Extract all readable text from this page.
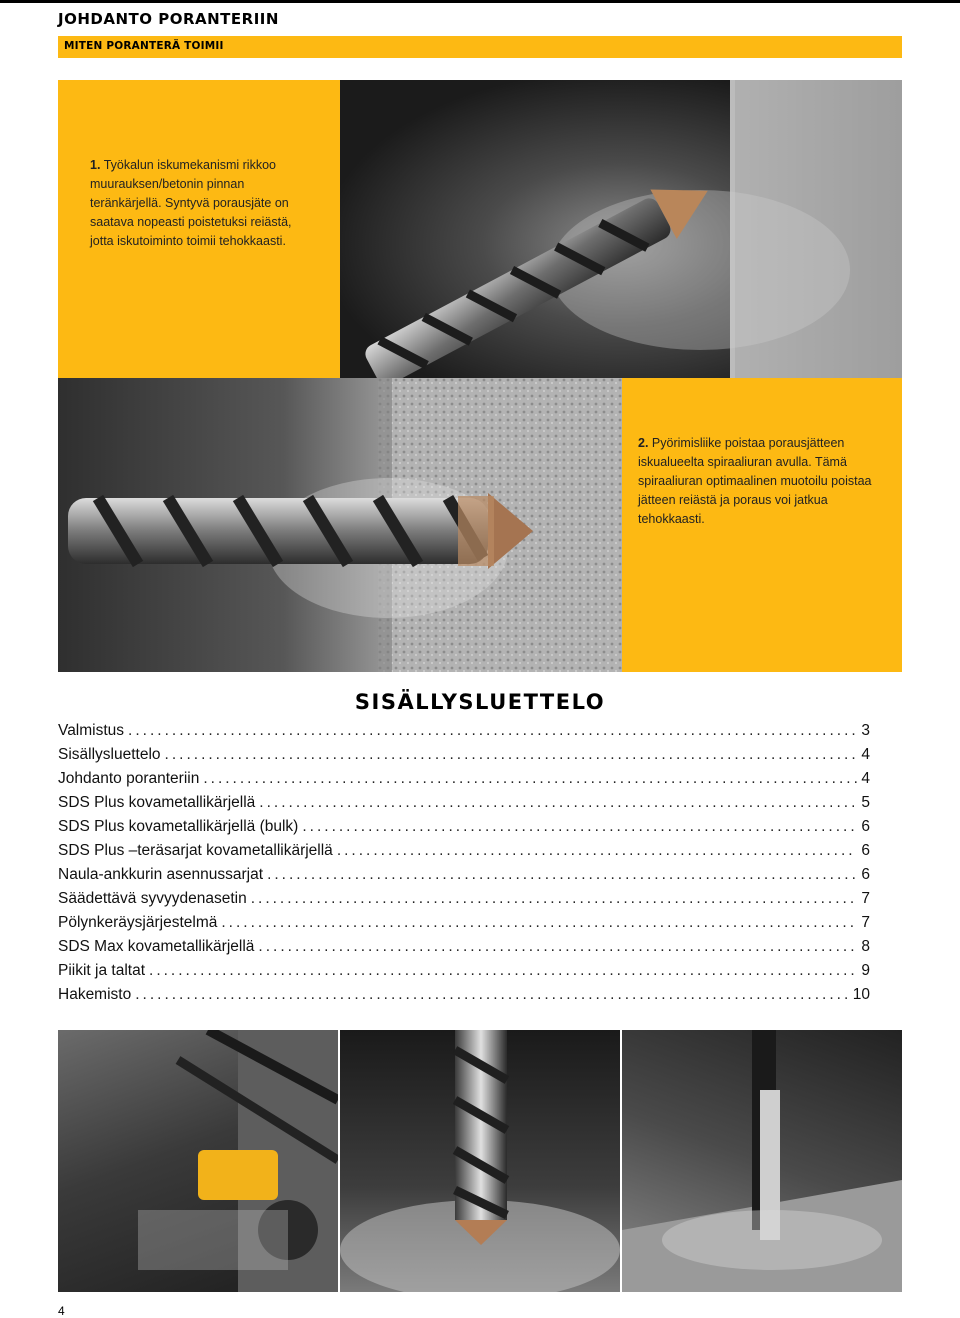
JOHDANTO PORANTERIIN
MITEN PORANTERÄ TOIMII
1. Työkalun iskumekanismi rikkoo muurauksen/betonin pinnan teränkärjellä. Syntyvä porausjäte on saatava nopeasti poistetuksi reiästä, jotta iskutoiminto toimii tehokkaasti.
2. Pyörimisliike poistaa porausjätteen iskualueelta spiraaliuran avulla. Tämä spiraaliuran optimaalinen muotoilu poistaa jätteen reiästä ja poraus voi jatkua tehokkaasti.
SISÄLLYSLUETTELO
Valmistus .....	3
Sisällysluettelo .....	4
Johdanto poranteriin .....	4
SDS Plus kovametallikärjellä .....	5
SDS Plus kovametallikärjellä (bulk) .....	6
SDS Plus –teräsarjat kovametallikärjellä .....	6
Naula-ankkurin asennussarjat .....	6
Säädettävä syvyydenasetin .....	7
Pölynkeräysjärjestelmä .....	7
SDS Max kovametallikärjellä .....	8
Piikit ja taltat .....	9
Hakemisto .....	10
4
